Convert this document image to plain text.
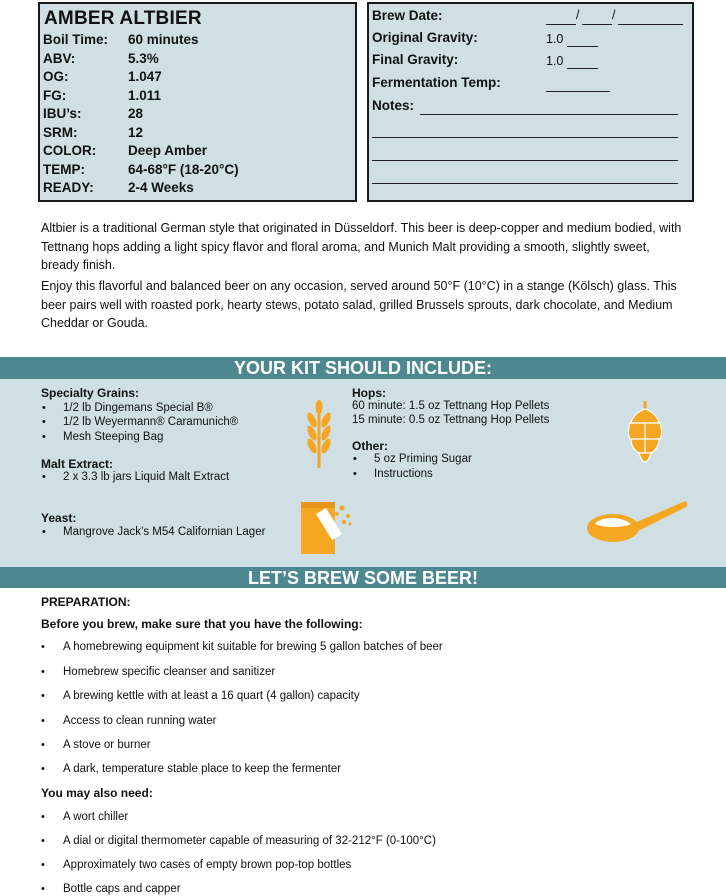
AMBER ALTBIER
Boil Time: 60 minutes
ABV:	5.3%
OG:	1.047
FG:	1.011
IBU’s:	28
SRM:	12
COLOR: Deep Amber
TEMP:	64-68°F (18-20°C)
READY:	2-4 Weeks
Brew Date:	/	/
Original Gravity:	1.0
Final Gravity:	1.0
Fermentation Temp:
Notes:
Altbier is a traditional German style that originated in Düsseldorf. This beer is deep-copper and medium bodied, with Tettnang hops adding a light spicy flavor and floral aroma, and Munich Malt providing a smooth, slightly sweet, bready finish.
Enjoy this flavorful and balanced beer on any occasion, served around 50°F (10°C) in a stange (Kölsch) glass. This beer pairs well with roasted pork, hearty stews, potato salad, grilled Brussels sprouts, dark chocolate, and Medium Cheddar or Gouda.
YOUR KIT SHOULD INCLUDE:
Specialty Grains:
• 1/2 lb Dingemans Special B®
• 1/2 lb Weyermann® Caramunich®
• Mesh Steeping Bag
Malt Extract:
• 2 x 3.3 lb jars Liquid Malt Extract
Yeast:
• Mangrove Jack’s M54 Californian Lager
Hops:
60 minute: 1.5 oz Tettnang Hop Pellets
15 minute: 0.5 oz Tettnang Hop Pellets
Other:
• 5 oz Priming Sugar
• Instructions
LET’S BREW SOME BEER!
PREPARATION:
Before you brew, make sure that you have the following:
• A homebrewing equipment kit suitable for brewing 5 gallon batches of beer
• Homebrew specific cleanser and sanitizer
• A brewing kettle with at least a 16 quart (4 gallon) capacity
• Access to clean running water
• A stove or burner
• A dark, temperature stable place to keep the fermenter
You may also need:
• A wort chiller
• A dial or digital thermometer capable of measuring of 32-212°F (0-100°C)
• Approximately two cases of empty brown pop-top bottles
• Bottle caps and capper
